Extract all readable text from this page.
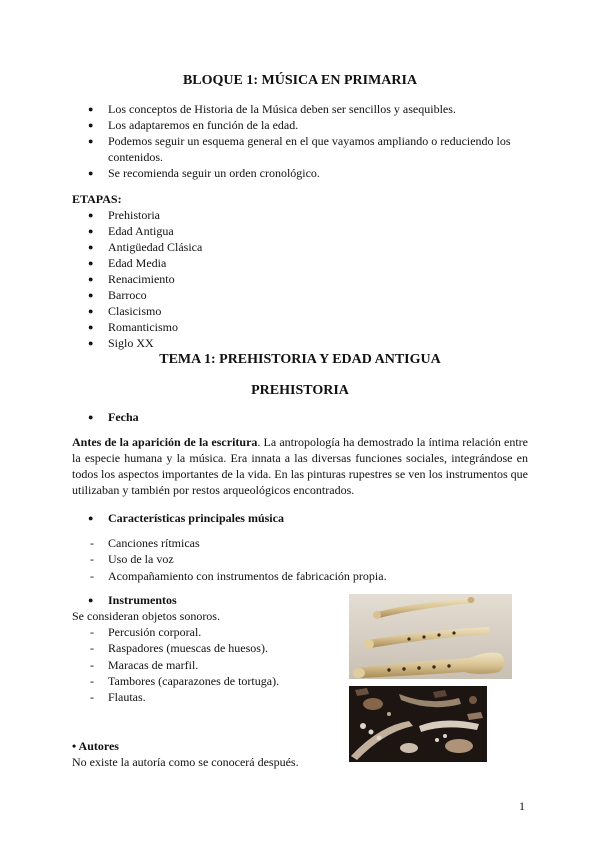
BLOQUE 1: MÚSICA EN PRIMARIA
● Los conceptos de Historia de la Música deben ser sencillos y asequibles.
● Los adaptaremos en función de la edad.
● Podemos seguir un esquema general en el que vayamos ampliando o reduciendo los contenidos.
● Se recomienda seguir un orden cronológico.
ETAPAS:
● Prehistoria
● Edad Antigua
● Antigüedad Clásica
● Edad Media
● Renacimiento
● Barroco
● Clasicismo
● Romanticismo
● Siglo XX
TEMA 1: PREHISTORIA Y EDAD ANTIGUA
PREHISTORIA
● Fecha
Antes de la aparición de la escritura. La antropología ha demostrado la íntima relación entre la especie humana y la música. Era innata a las diversas funciones sociales, integrándose en todos los aspectos importantes de la vida. En las pinturas rupestres se ven los instrumentos que utilizaban y también por restos arqueológicos encontrados.
● Características principales música
- Canciones rítmicas
- Uso de la voz
- Acompañamiento con instrumentos de fabricación propia.
● Instrumentos
Se consideran objetos sonoros.
- Percusión corporal.
- Raspadores (muescas de huesos).
- Maracas de marfil.
- Tambores (caparazones de tortuga).
- Flautas.
• Autores
No existe la autoría como se conocerá después.
1
